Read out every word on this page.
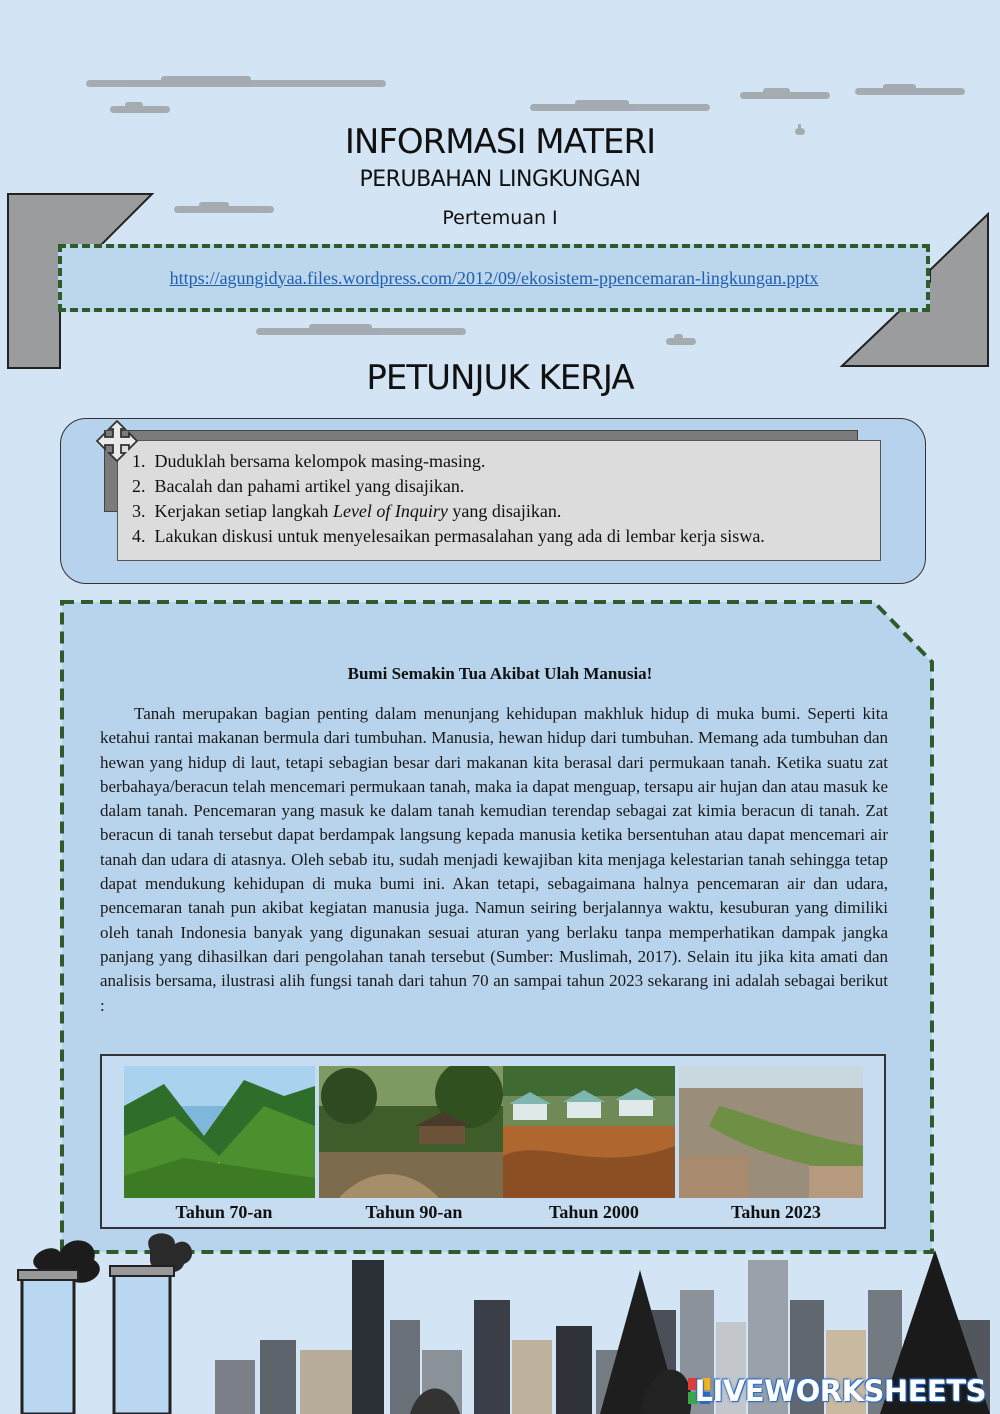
INFORMASI MATERI
PERUBAHAN LINGKUNGAN
Pertemuan I
https://agungidyaa.files.wordpress.com/2012/09/ekosistem-ppencemaran-lingkungan.pptx
PETUNJUK KERJA
1. Duduklah bersama kelompok masing-masing.
2. Bacalah dan pahami artikel yang disajikan.
3. Kerjakan setiap langkah Level of Inquiry yang disajikan.
4. Lakukan diskusi untuk menyelesaikan permasalahan yang ada di lembar kerja siswa.
Bumi Semakin Tua Akibat Ulah Manusia!

Tanah merupakan bagian penting dalam menunjang kehidupan makhluk hidup di muka bumi. Seperti kita ketahui rantai makanan bermula dari tumbuhan. Manusia, hewan hidup dari tumbuhan. Memang ada tumbuhan dan hewan yang hidup di laut, tetapi sebagian besar dari makanan kita berasal dari permukaan tanah. Ketika suatu zat berbahaya/beracun telah mencemari permukaan tanah, maka ia dapat menguap, tersapu air hujan dan atau masuk ke dalam tanah. Pencemaran yang masuk ke dalam tanah kemudian terendap sebagai zat kimia beracun di tanah. Zat beracun di tanah tersebut dapat berdampak langsung kepada manusia ketika bersentuhan atau dapat mencemari air tanah dan udara di atasnya. Oleh sebab itu, sudah menjadi kewajiban kita menjaga kelestarian tanah sehingga tetap dapat mendukung kehidupan di muka bumi ini. Akan tetapi, sebagaimana halnya pencemaran air dan udara, pencemaran tanah pun akibat kegiatan manusia juga. Namun seiring berjalannya waktu, kesuburan yang dimiliki oleh tanah Indonesia banyak yang digunakan sesuai aturan yang berlaku tanpa memperhatikan dampak jangka panjang yang dihasilkan dari pengolahan tanah tersebut (Sumber: Muslimah, 2017). Selain itu jika kita amati dan analisis bersama, ilustrasi alih fungsi tanah dari tahun 70 an sampai tahun 2023 sekarang ini adalah sebagai berikut :

Tahun 70-an	Tahun 90-an	Tahun 2000	Tahun 2023
LIVEWORKSHEETS
